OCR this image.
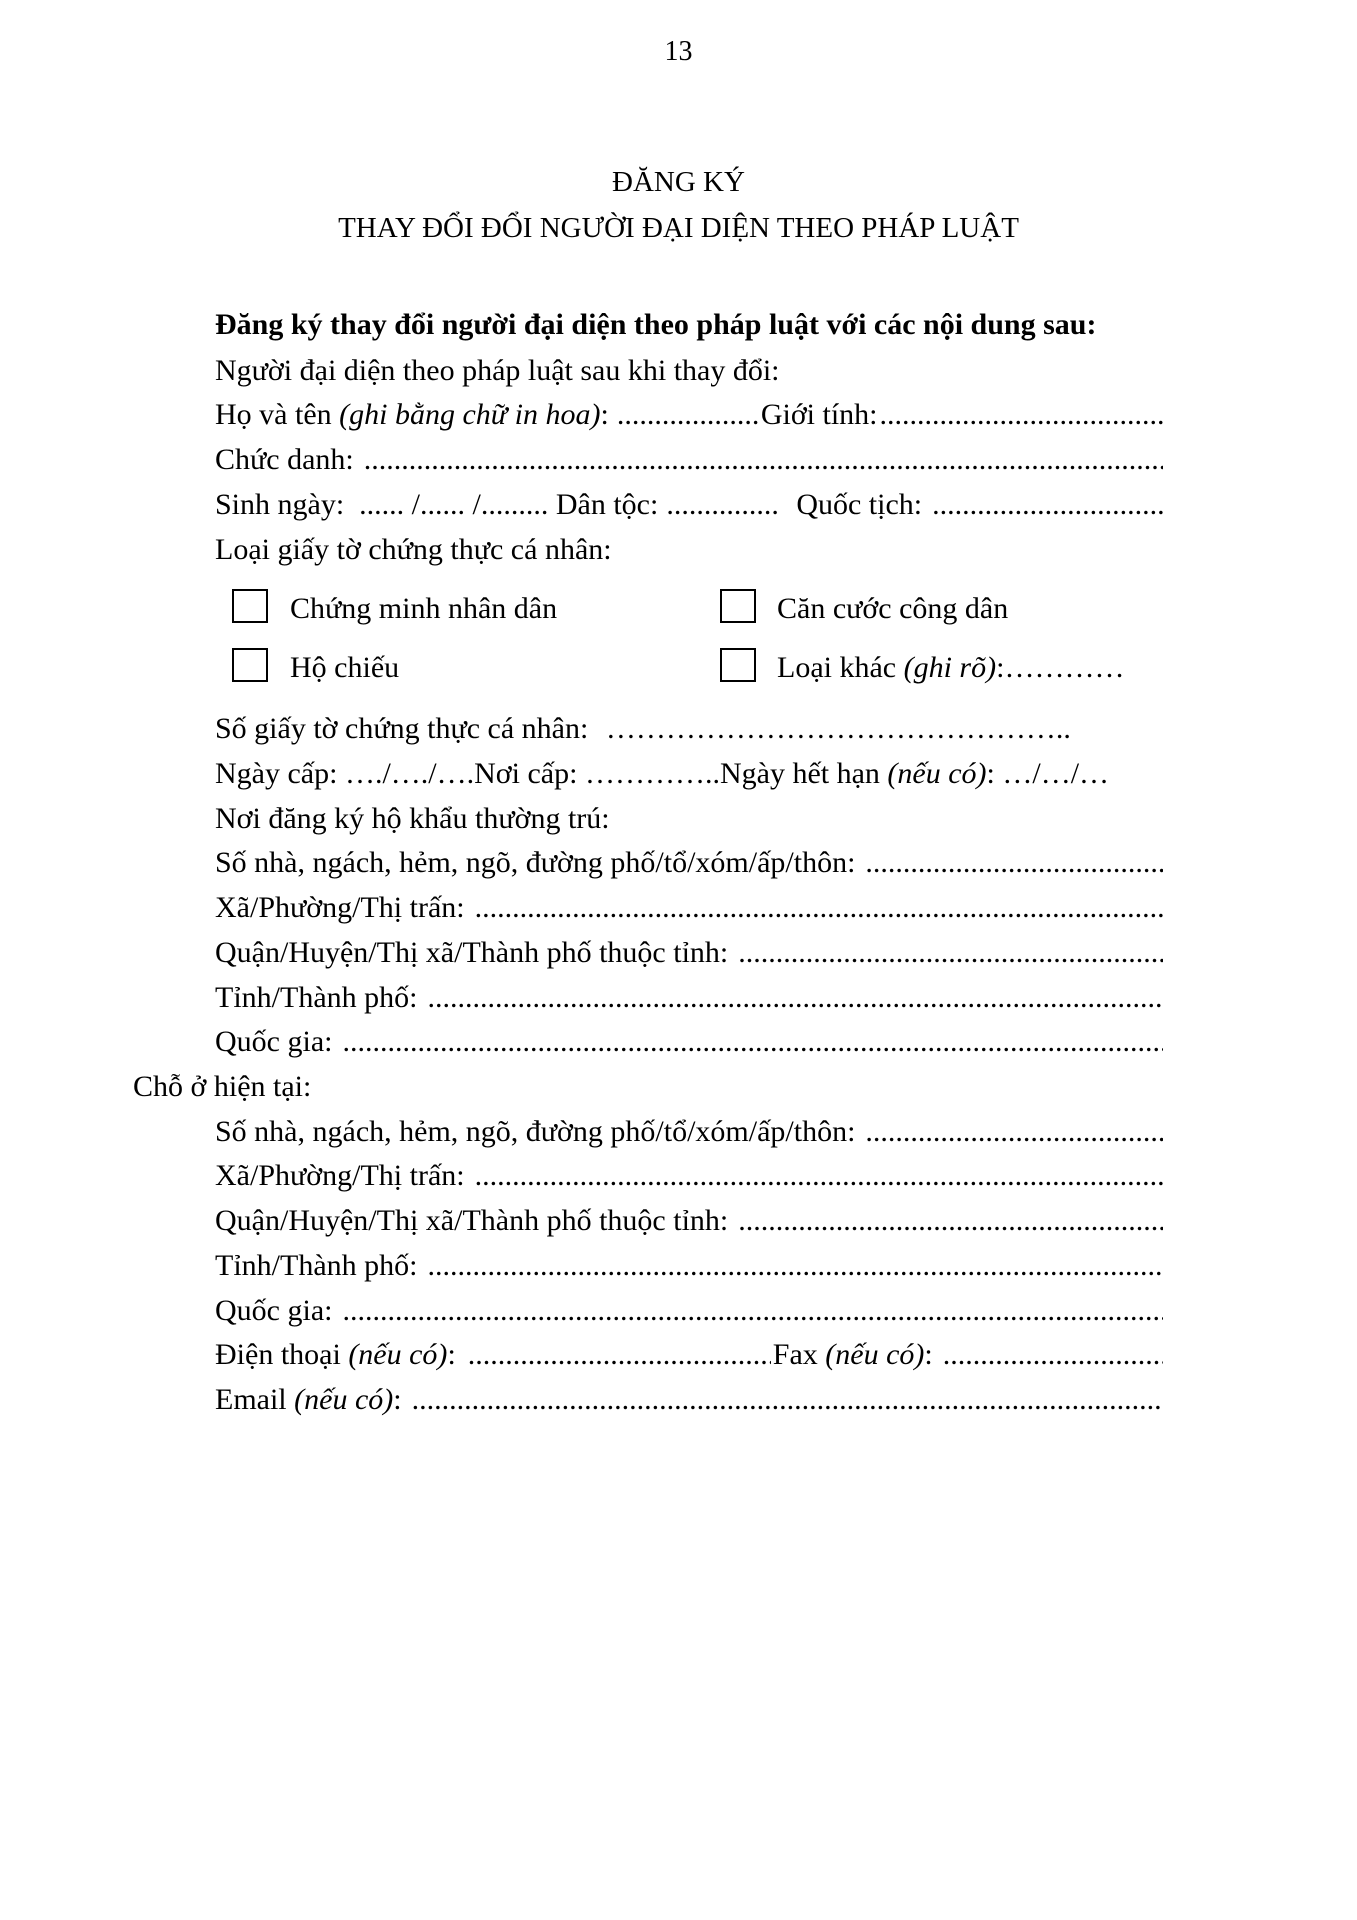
13
ĐĂNG KÝ
THAY ĐỔI ĐỔI NGƯỜI ĐẠI DIỆN THEO PHÁP LUẬT
Đăng ký thay đổi người đại diện theo pháp luật với các nội dung sau:
Người đại diện theo pháp luật sau khi thay đổi:
Họ và tên
(ghi bằng chữ in hoa) : .....	Giới tính:
.....
Chức danh:
.....
Sinh ngày:
...... /...... /.........
Dân tộc: .....	Quốc tịch:
.....
Loại giấy tờ chứng thực cá nhân:
Chứng minh nhân dân	Căn cước công dân
Hộ chiếu	Loại khác (ghi rõ):…………
Số giấy tờ chứng thực cá nhân:
………………………………………..
Ngày cấp: …./…./….Nơi cấp: …………..Ngày hết hạn (nếu có): …/…/…
Nơi đăng ký hộ khẩu thường trú:
Số nhà, ngách, hẻm, ngõ, đường phố/tổ/xóm/ấp/thôn:
.....
Xã/Phường/Thị trấn:
.....
Quận/Huyện/Thị xã/Thành phố thuộc tỉnh:
.....
Tỉnh/Thành phố:
.....
Quốc gia:
.....
Chỗ ở hiện tại:
Số nhà, ngách, hẻm, ngõ, đường phố/tổ/xóm/ấp/thôn:
.....
Xã/Phường/Thị trấn:
.....
Quận/Huyện/Thị xã/Thành phố thuộc tỉnh:
.....
Tỉnh/Thành phố:
.....
Quốc gia:
.....
Điện thoại
(nếu có) : .....	Fax
(nếu có) :
.....
Email
(nếu có) :
.....
